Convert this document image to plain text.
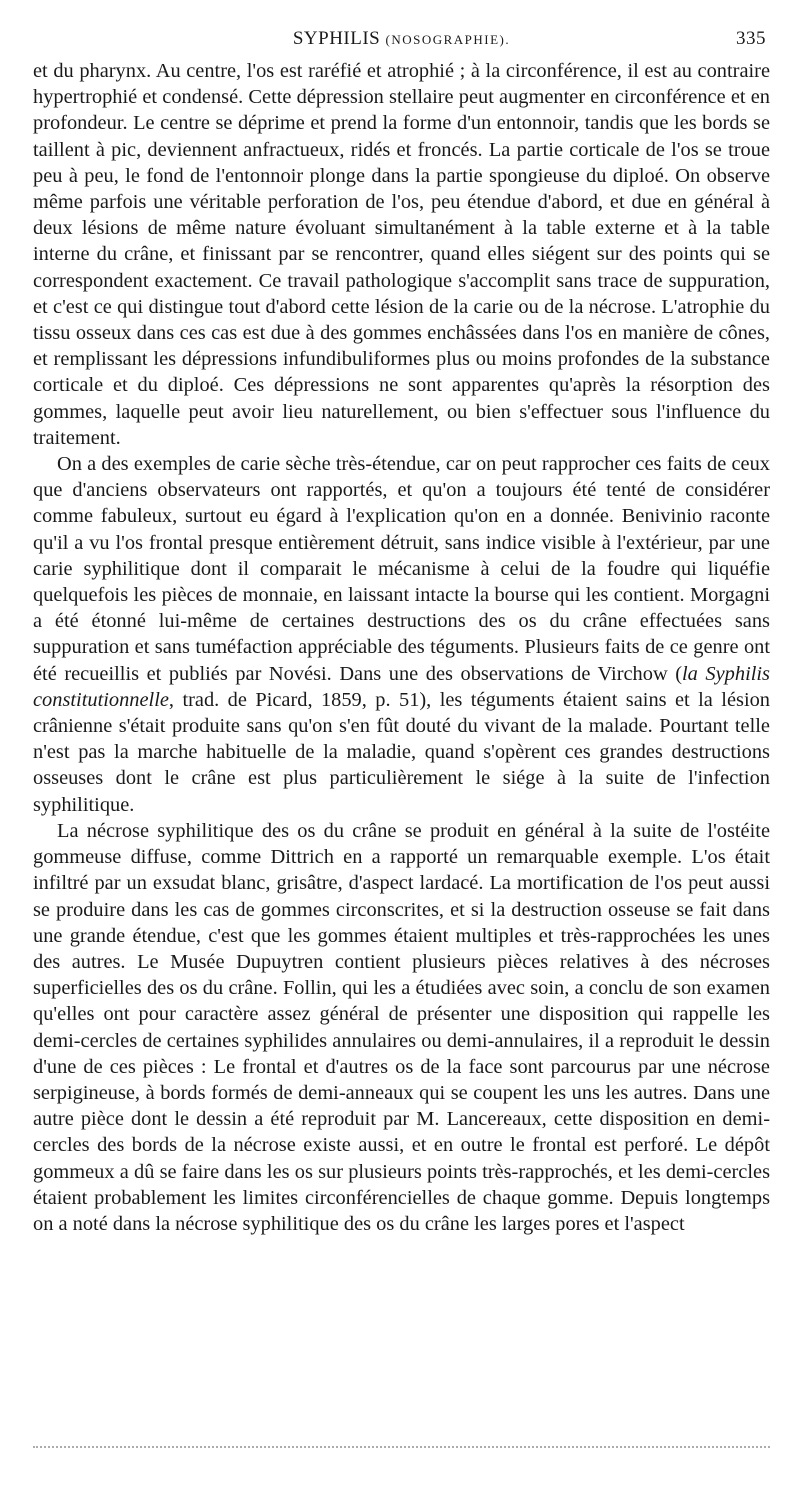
SYPHILIS (NOSOGRAPHIE).	335

et du pharynx. Au centre, l'os est raréfié et atrophié ; à la circonférence, il est au contraire hypertrophié et condensé. Cette dépression stellaire peut augmenter en circonférence et en profondeur. Le centre se déprime et prend la forme d'un entonnoir, tandis que les bords se taillent à pic, deviennent anfractueux, ridés et froncés. La partie corticale de l'os se troue peu à peu, le fond de l'entonnoir plonge dans la partie spongieuse du diploé. On observe même parfois une véritable perforation de l'os, peu étendue d'abord, et due en général à deux lésions de même nature évoluant simultanément à la table externe et à la table interne du crâne, et finissant par se rencontrer, quand elles siégent sur des points qui se correspondent exactement. Ce travail pathologique s'accomplit sans trace de suppuration, et c'est ce qui distingue tout d'abord cette lésion de la carie ou de la nécrose. L'atrophie du tissu osseux dans ces cas est due à des gommes enchâssées dans l'os en manière de cônes, et remplissant les dépressions infundibuliformes plus ou moins profondes de la substance corticale et du diploé. Ces dépressions ne sont apparentes qu'après la résorption des gommes, laquelle peut avoir lieu naturellement, ou bien s'effectuer sous l'influence du traitement.

On a des exemples de carie sèche très-étendue, car on peut rapprocher ces faits de ceux que d'anciens observateurs ont rapportés, et qu'on a toujours été tenté de considérer comme fabuleux, surtout eu égard à l'explication qu'on en a donnée. Benivinio raconte qu'il a vu l'os frontal presque entièrement détruit, sans indice visible à l'extérieur, par une carie syphilitique dont il comparait le mécanisme à celui de la foudre qui liquéfie quelquefois les pièces de monnaie, en laissant intacte la bourse qui les contient. Morgagni a été étonné lui-même de certaines destructions des os du crâne effectuées sans suppuration et sans tuméfaction appréciable des téguments. Plusieurs faits de ce genre ont été recueillis et publiés par Novési. Dans une des observations de Virchow (la Syphilis constitutionnelle, trad. de Picard, 1859, p. 51), les téguments étaient sains et la lésion crânienne s'était produite sans qu'on s'en fût douté du vivant de la malade. Pourtant telle n'est pas la marche habituelle de la maladie, quand s'opèrent ces grandes destructions osseuses dont le crâne est plus particulièrement le siége à la suite de l'infection syphilitique.

La nécrose syphilitique des os du crâne se produit en général à la suite de l'ostéite gommeuse diffuse, comme Dittrich en a rapporté un remarquable exemple. L'os était infiltré par un exsudat blanc, grisâtre, d'aspect lardacé. La mortification de l'os peut aussi se produire dans les cas de gommes circonscrites, et si la destruction osseuse se fait dans une grande étendue, c'est que les gommes étaient multiples et très-rapprochées les unes des autres. Le Musée Dupuytren contient plusieurs pièces relatives à des nécroses superficielles des os du crâne. Follin, qui les a étudiées avec soin, a conclu de son examen qu'elles ont pour caractère assez général de présenter une disposition qui rappelle les demi-cercles de certaines syphilides annulaires ou demi-annulaires, il a reproduit le dessin d'une de ces pièces : Le frontal et d'autres os de la face sont parcourus par une nécrose serpigineuse, à bords formés de demi-anneaux qui se coupent les uns les autres. Dans une autre pièce dont le dessin a été reproduit par M. Lancereaux, cette disposition en demi-cercles des bords de la nécrose existe aussi, et en outre le frontal est perforé. Le dépôt gommeux a dû se faire dans les os sur plusieurs points très-rapprochés, et les demi-cercles étaient probablement les limites circonférencielles de chaque gomme. Depuis longtemps on a noté dans la nécrose syphilitique des os du crâne les larges pores et l'aspect
